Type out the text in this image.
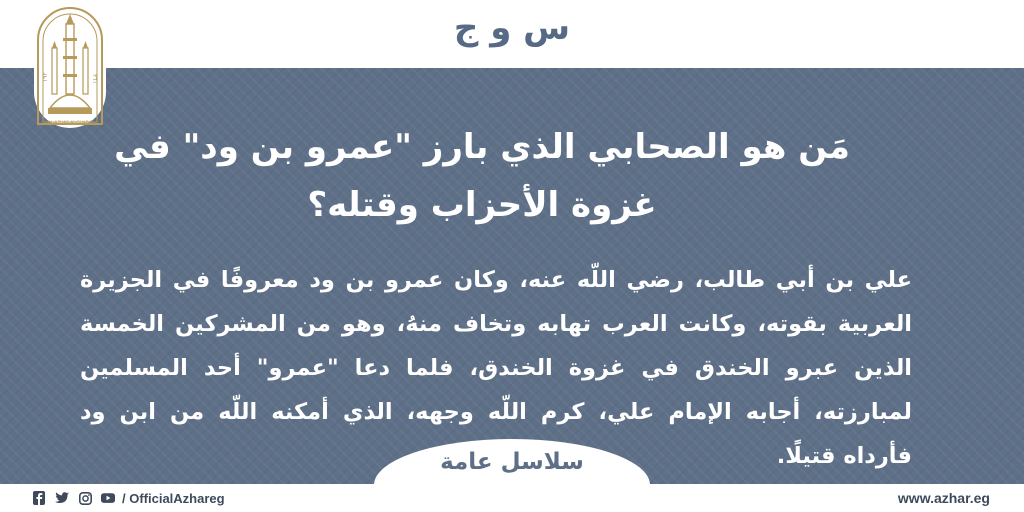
س و ج
١٩٢	٣٦١
AL-AZHAR AL-SHARIF
مَن هو الصحابي الذي بارز "عمرو بن ود" في
غزوة الأحزاب وقتله؟
علي بن أبي طالب، رضي اللّه عنه، وكان عمرو بن ود معروفًا في الجزيرة العربية بقوته، وكانت العرب تهابه وتخاف منهُ، وهو من المشركين الخمسة الذين عبرو الخندق في غزوة الخندق، فلما دعا "عمرو" أحد المسلمين لمبارزته، أجابه الإمام علي، كرم اللّه وجهه، الذي أمكنه اللّه من ابن ود فأرداه قتيلًا.
سلاسل عامة
/ OfficialAzhareg	www.azhar.eg
